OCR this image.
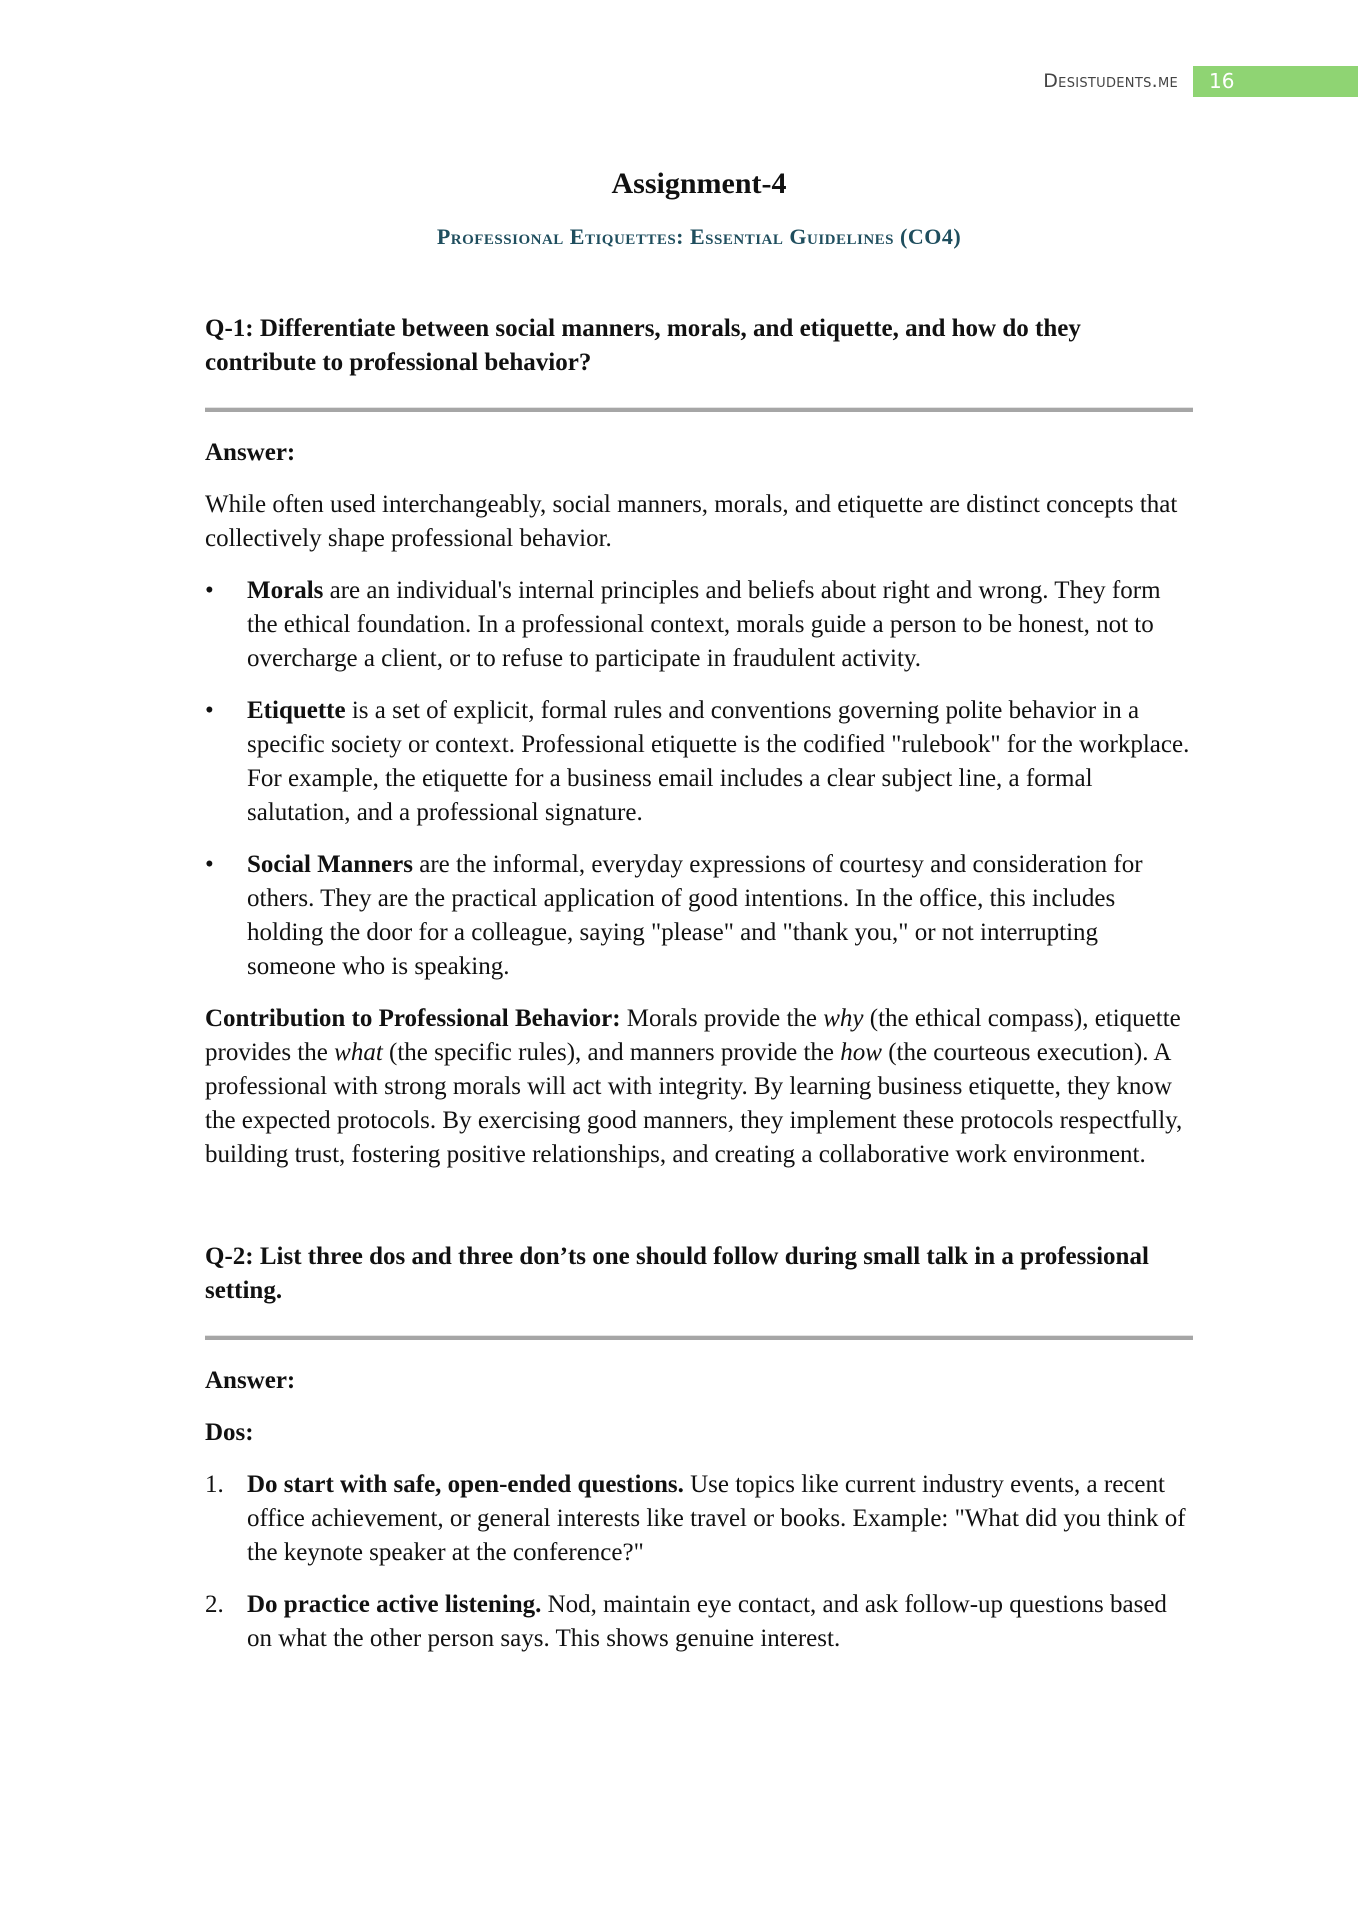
Desistudents.me 16
Assignment-4
Professional Etiquettes: Essential Guidelines (CO4)

Q-1: Differentiate between social manners, morals, and etiquette, and how do they contribute to professional behavior?

Answer:

While often used interchangeably, social manners, morals, and etiquette are distinct concepts that collectively shape professional behavior.

• Morals are an individual's internal principles and beliefs about right and wrong. They form the ethical foundation. In a professional context, morals guide a person to be honest, not to overcharge a client, or to refuse to participate in fraudulent activity.
• Etiquette is a set of explicit, formal rules and conventions governing polite behavior in a specific society or context. Professional etiquette is the codified "rulebook" for the workplace. For example, the etiquette for a business email includes a clear subject line, a formal salutation, and a professional signature.
• Social Manners are the informal, everyday expressions of courtesy and consideration for others. They are the practical application of good intentions. In the office, this includes holding the door for a colleague, saying "please" and "thank you," or not interrupting someone who is speaking.

Contribution to Professional Behavior: Morals provide the why (the ethical compass), etiquette provides the what (the specific rules), and manners provide the how (the courteous execution). A professional with strong morals will act with integrity. By learning business etiquette, they know the expected protocols. By exercising good manners, they implement these protocols respectfully, building trust, fostering positive relationships, and creating a collaborative work environment.

Q-2: List three dos and three don’ts one should follow during small talk in a professional setting.

Answer:

Dos:

1. Do start with safe, open-ended questions. Use topics like current industry events, a recent office achievement, or general interests like travel or books. Example: "What did you think of the keynote speaker at the conference?"
2. Do practice active listening. Nod, maintain eye contact, and ask follow-up questions based on what the other person says. This shows genuine interest.
